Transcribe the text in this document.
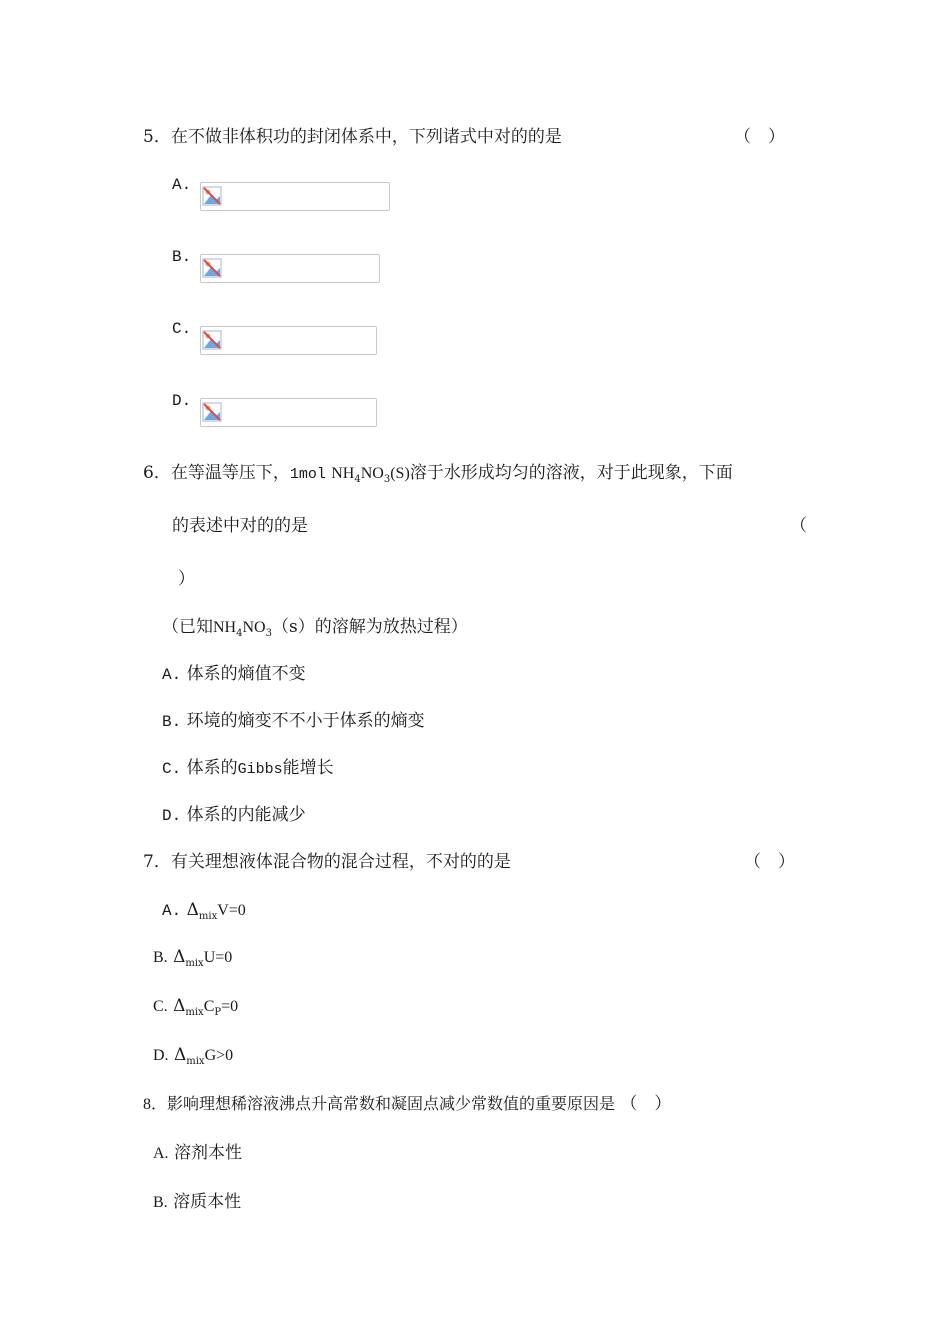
5．在不做非体积功的封闭体系中，下列诸式中对的的是	（　）
A.
B.
C.
D.
6．在等温等压下，1mol $NH_4NO_3(S)$溶于水形成均匀的溶液，对于此现象，下面
的表述中对的的是	（
）
（已知$NH_4NO_3(s)$的溶解为放热过程）
A. 体系的熵值不变
B. 环境的熵变不不小于体系的熵变
C. 体系的Gibbs能增长
D. 体系的内能减少
7．有关理想液体混合物的混合过程，不对的的是	（　）
A. $\Delta_{mix}V=0$
B. $\Delta_{mix}U=0$
C. $\Delta_{mix}C_P=0$
D. $\Delta_{mix}G>0$
8．影响理想稀溶液沸点升高常数和凝固点减少常数值的重要原因是 （　）
A. 溶剂本性
B. 溶质本性
